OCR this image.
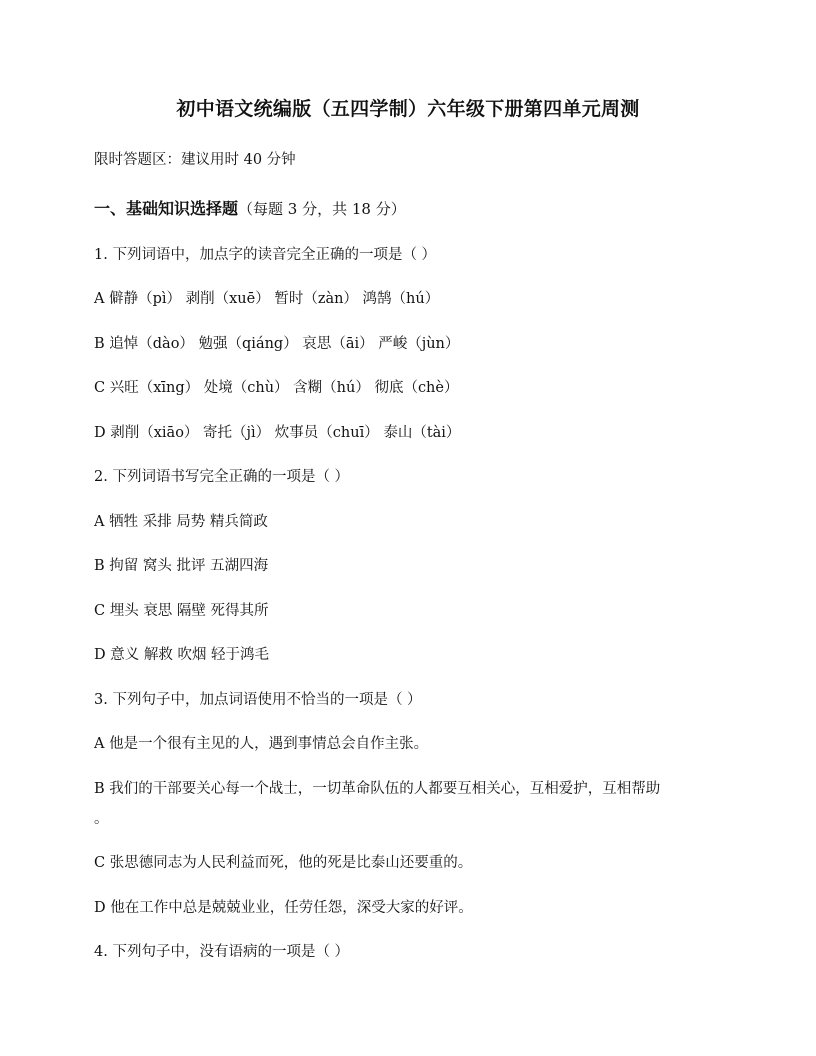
初中语文统编版（五四学制）六年级下册第四单元周测

限时答题区：建议用时 40 分钟

一、基础知识选择题（每题 3 分，共 18 分）

1. 下列词语中，加点字的读音完全正确的一项是（ ）

A 僻静（pì） 剥削（xuē） 暂时（zàn） 鸿鹄（hú）

B 追悼（dào） 勉强（qiáng） 哀思（āi） 严峻（jùn）

C 兴旺（xīng） 处境（chù） 含糊（hú） 彻底（chè）

D 剥削（xiāo） 寄托（jì） 炊事员（chuī） 泰山（tài）

2. 下列词语书写完全正确的一项是（ ）

A 牺牲 采排 局势 精兵简政

B 拘留 窝头 批评 五湖四海

C 埋头 衰思 隔壁 死得其所

D 意义 解救 吹烟 轻于鸿毛

3. 下列句子中，加点词语使用不恰当的一项是（ ）

A 他是一个很有主见的人，遇到事情总会自作主张。

B 我们的干部要关心每一个战士，一切革命队伍的人都要互相关心，互相爱护，互相帮助

。

C 张思德同志为人民利益而死，他的死是比泰山还要重的。

D 他在工作中总是兢兢业业，任劳任怨，深受大家的好评。

4. 下列句子中，没有语病的一项是（ ）
